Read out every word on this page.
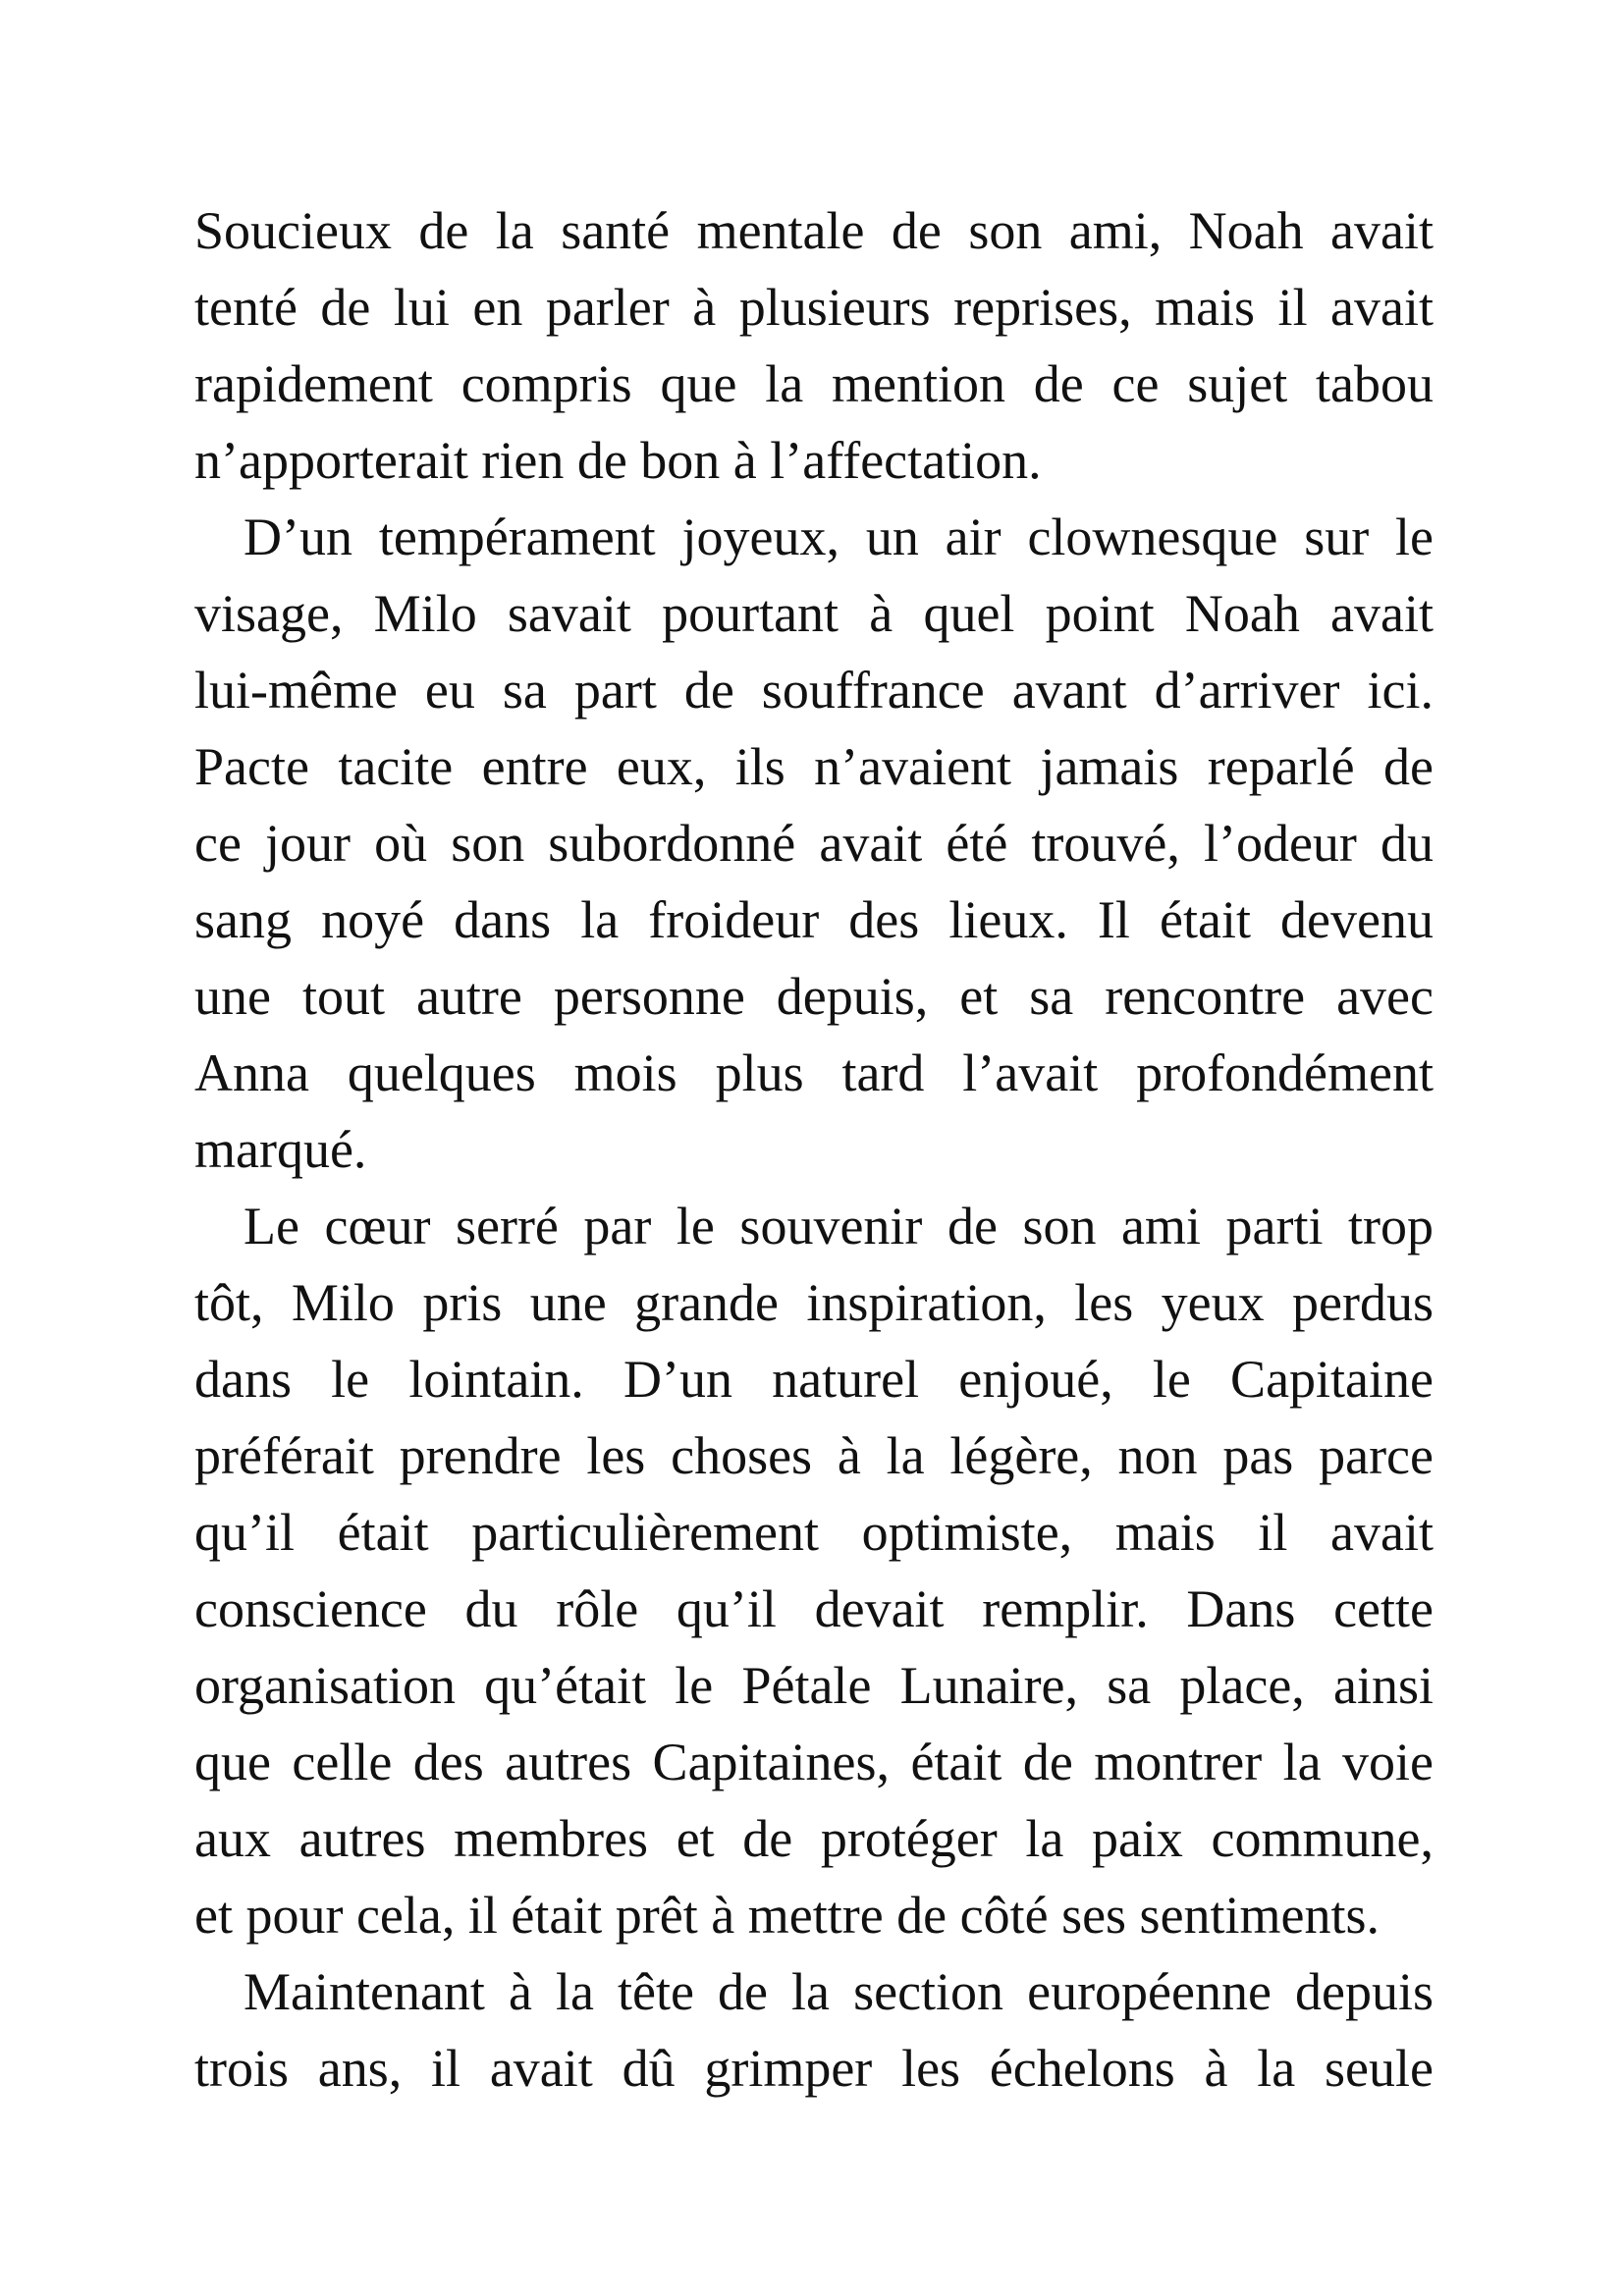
Soucieux de la santé mentale de son ami, Noah avait
tenté de lui en parler à plusieurs reprises, mais il avait
rapidement compris que la mention de ce sujet tabou
n’apporterait rien de bon à l’affectation.
D’un tempérament joyeux, un air clownesque sur le
visage, Milo savait pourtant à quel point Noah avait
lui-même eu sa part de souffrance avant d’arriver ici.
Pacte tacite entre eux, ils n’avaient jamais reparlé de
ce jour où son subordonné avait été trouvé, l’odeur du
sang noyé dans la froideur des lieux. Il était devenu
une tout autre personne depuis, et sa rencontre avec
Anna quelques mois plus tard l’avait profondément
marqué.
Le cœur serré par le souvenir de son ami parti trop
tôt, Milo pris une grande inspiration, les yeux perdus
dans le lointain. D’un naturel enjoué, le Capitaine
préférait prendre les choses à la légère, non pas parce
qu’il était particulièrement optimiste, mais il avait
conscience du rôle qu’il devait remplir. Dans cette
organisation qu’était le Pétale Lunaire, sa place, ainsi
que celle des autres Capitaines, était de montrer la voie
aux autres membres et de protéger la paix commune,
et pour cela, il était prêt à mettre de côté ses sentiments.
Maintenant à la tête de la section européenne depuis
trois ans, il avait dû grimper les échelons à la seule
